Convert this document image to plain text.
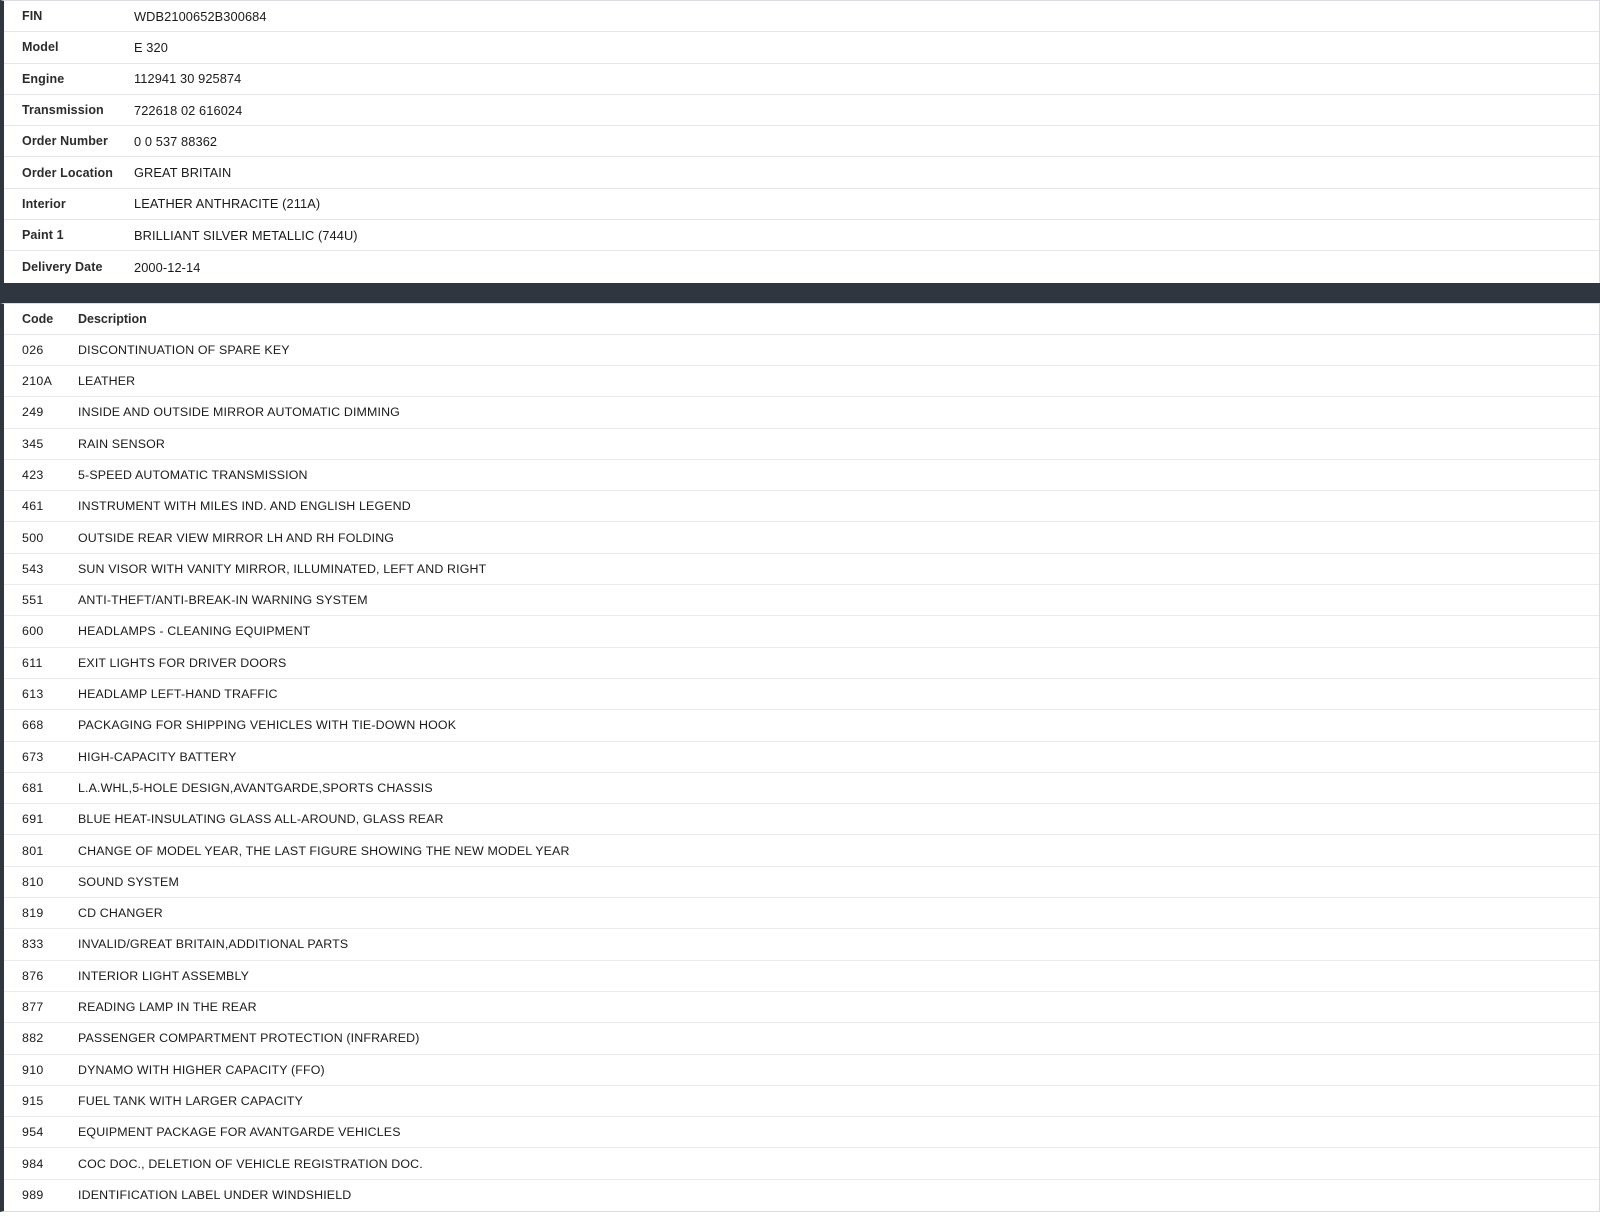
FIN	WDB2100652B300684
Model	E 320
Engine	112941 30 925874
Transmission	722618 02 616024
Order Number	0 0 537 88362
Order Location	GREAT BRITAIN
Interior	LEATHER ANTHRACITE (211A)
Paint 1	BRILLIANT SILVER METALLIC (744U)
Delivery Date	2000-12-14
Code	Description
026	DISCONTINUATION OF SPARE KEY
210A	LEATHER
249	INSIDE AND OUTSIDE MIRROR AUTOMATIC DIMMING
345	RAIN SENSOR
423	5-SPEED AUTOMATIC TRANSMISSION
461	INSTRUMENT WITH MILES IND. AND ENGLISH LEGEND
500	OUTSIDE REAR VIEW MIRROR LH AND RH FOLDING
543	SUN VISOR WITH VANITY MIRROR, ILLUMINATED, LEFT AND RIGHT
551	ANTI-THEFT/ANTI-BREAK-IN WARNING SYSTEM
600	HEADLAMPS - CLEANING EQUIPMENT
611	EXIT LIGHTS FOR DRIVER DOORS
613	HEADLAMP LEFT-HAND TRAFFIC
668	PACKAGING FOR SHIPPING VEHICLES WITH TIE-DOWN HOOK
673	HIGH-CAPACITY BATTERY
681	L.A.WHL,5-HOLE DESIGN,AVANTGARDE,SPORTS CHASSIS
691	BLUE HEAT-INSULATING GLASS ALL-AROUND, GLASS REAR
801	CHANGE OF MODEL YEAR, THE LAST FIGURE SHOWING THE NEW MODEL YEAR
810	SOUND SYSTEM
819	CD CHANGER
833	INVALID/GREAT BRITAIN,ADDITIONAL PARTS
876	INTERIOR LIGHT ASSEMBLY
877	READING LAMP IN THE REAR
882	PASSENGER COMPARTMENT PROTECTION (INFRARED)
910	DYNAMO WITH HIGHER CAPACITY (FFO)
915	FUEL TANK WITH LARGER CAPACITY
954	EQUIPMENT PACKAGE FOR AVANTGARDE VEHICLES
984	COC DOC., DELETION OF VEHICLE REGISTRATION DOC.
989	IDENTIFICATION LABEL UNDER WINDSHIELD
